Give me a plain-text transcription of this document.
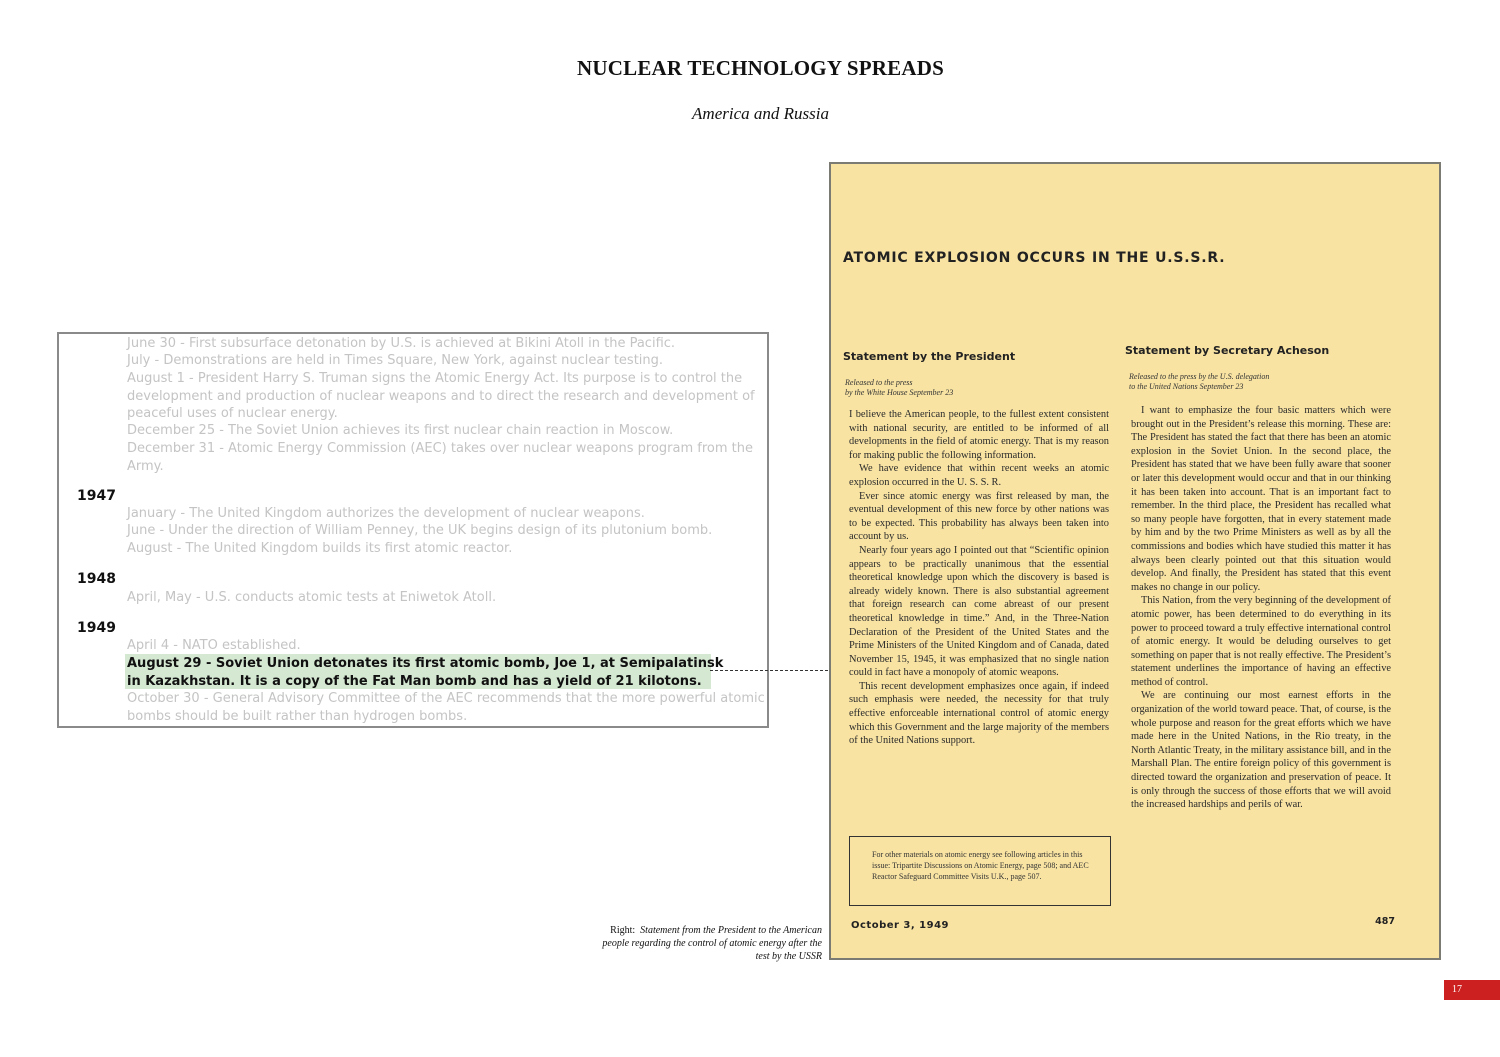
NUCLEAR TECHNOLOGY SPREADS
America and Russia
June 30 - First subsurface detonation by U.S. is achieved at Bikini Atoll in the Pacific.
July - Demonstrations are held in Times Square, New York, against nuclear testing.
August 1 - President Harry S. Truman signs the Atomic Energy Act. Its purpose is to control the development and production of nuclear weapons and to direct the research and development of peaceful uses of nuclear energy.
December 25 - The Soviet Union achieves its first nuclear chain reaction in Moscow.
December 31 - Atomic Energy Commission (AEC) takes over nuclear weapons program from the Army.
1947
January - The United Kingdom authorizes the development of nuclear weapons.
June - Under the direction of William Penney, the UK begins design of its plutonium bomb.
August - The United Kingdom builds its first atomic reactor.
1948
April, May - U.S. conducts atomic tests at Eniwetok Atoll.
1949
April 4 - NATO established.
August 29 - Soviet Union detonates its first atomic bomb, Joe 1, at Semipalatinsk in Kazakhstan. It is a copy of the Fat Man bomb and has a yield of 21 kilotons.
October 30 - General Advisory Committee of the AEC recommends that the more powerful atomic bombs should be built rather than hydrogen bombs.
Right: Statement from the President to the American people regarding the control of atomic energy after the test by the USSR
ATOMIC EXPLOSION OCCURS IN THE U.S.S.R.
Statement by the President
Released to the press
by the White House September 23

I believe the American people, to the fullest extent consistent with national security, are entitled to be informed of all developments in the field of atomic energy. That is my reason for making public the following information.

We have evidence that within recent weeks an atomic explosion occurred in the U. S. S. R.

Ever since atomic energy was first released by man, the eventual development of this new force by other nations was to be expected. This probability has always been taken into account by us.

Nearly four years ago I pointed out that “Scientific opinion appears to be practically unanimous that the essential theoretical knowledge upon which the discovery is based is already widely known. There is also substantial agreement that foreign research can come abreast of our present theoretical knowledge in time.” And, in the Three-Nation Declaration of the President of the United States and the Prime Ministers of the United Kingdom and of Canada, dated November 15, 1945, it was emphasized that no single nation could in fact have a monopoly of atomic weapons.

This recent development emphasizes once again, if indeed such emphasis were needed, the necessity for that truly effective enforceable international control of atomic energy which this Government and the large majority of the members of the United Nations support.

Statement by Secretary Acheson
Released to the press by the U.S. delegation
to the United Nations September 23

I want to emphasize the four basic matters which were brought out in the President’s release this morning. These are: The President has stated the fact that there has been an atomic explosion in the Soviet Union. In the second place, the President has stated that we have been fully aware that sooner or later this development would occur and that in our thinking it has been taken into account. That is an important fact to remember. In the third place, the President has recalled what so many people have forgotten, that in every statement made by him and by the two Prime Ministers as well as by all the commissions and bodies which have studied this matter it has always been clearly pointed out that this situation would develop. And finally, the President has stated that this event makes no change in our policy.

This Nation, from the very beginning of the development of atomic power, has been determined to do everything in its power to proceed toward a truly effective international control of atomic energy. It would be deluding ourselves to get something on paper that is not really effective. The President’s statement underlines the importance of having an effective method of control.

We are continuing our most earnest efforts in the organization of the world toward peace. That, of course, is the whole purpose and reason for the great efforts which we have made here in the United Nations, in the Rio treaty, in the North Atlantic Treaty, in the military assistance bill, and in the Marshall Plan. The entire foreign policy of this government is directed toward the organization and preservation of peace. It is only through the success of those efforts that we will avoid the increased hardships and perils of war.

For other materials on atomic energy see following articles in this issue: Tripartite Discussions on Atomic Energy, page 508; and AEC Reactor Safeguard Committee Visits U.K., page 507.
October 3, 1949	487
17
